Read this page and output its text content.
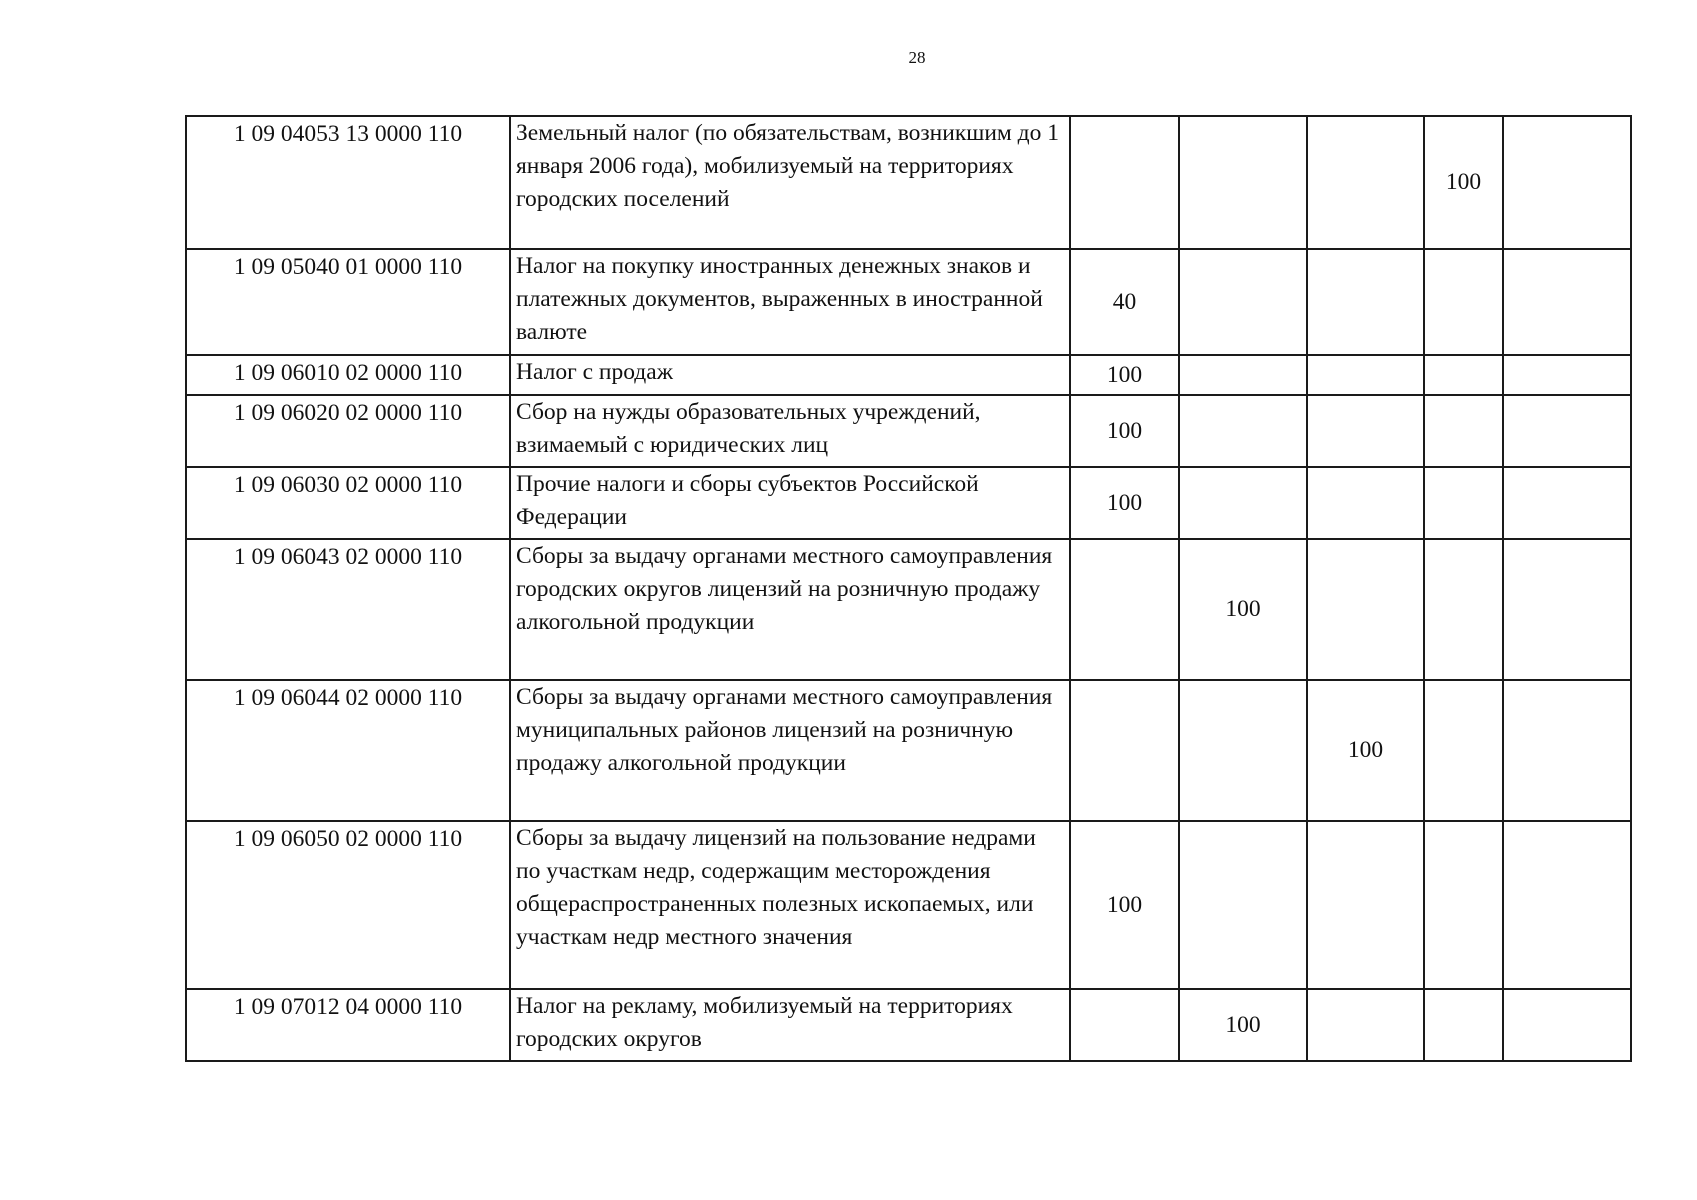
28
1 09 04053 13 0000 110	Земельный налог (по обязательствам, возникшим до 1 января 2006 года), мобилизуемый на территориях городских поселений				100	
1 09 05040 01 0000 110	Налог на покупку иностранных денежных знаков и платежных документов, выраженных в иностранной валюте	40				
1 09 06010 02 0000 110	Налог с продаж	100				
1 09 06020 02 0000 110	Сбор на нужды образовательных учреждений, взимаемый с юридических лиц	100				
1 09 06030 02 0000 110	Прочие налоги и сборы субъектов Российской Федерации	100				
1 09 06043 02 0000 110	Сборы за выдачу органами местного самоуправления городских округов лицензий на розничную продажу алкогольной продукции		100			
1 09 06044 02 0000 110	Сборы за выдачу органами местного самоуправления муниципальных районов лицензий на розничную продажу алкогольной продукции			100		
1 09 06050 02 0000 110	Сборы за выдачу лицензий на пользование недрами по участкам недр, содержащим месторождения общераспространенных полезных ископаемых, или участкам недр местного значения	100				
1 09 07012 04 0000 110	Налог на рекламу, мобилизуемый на территориях городских округов		100			
